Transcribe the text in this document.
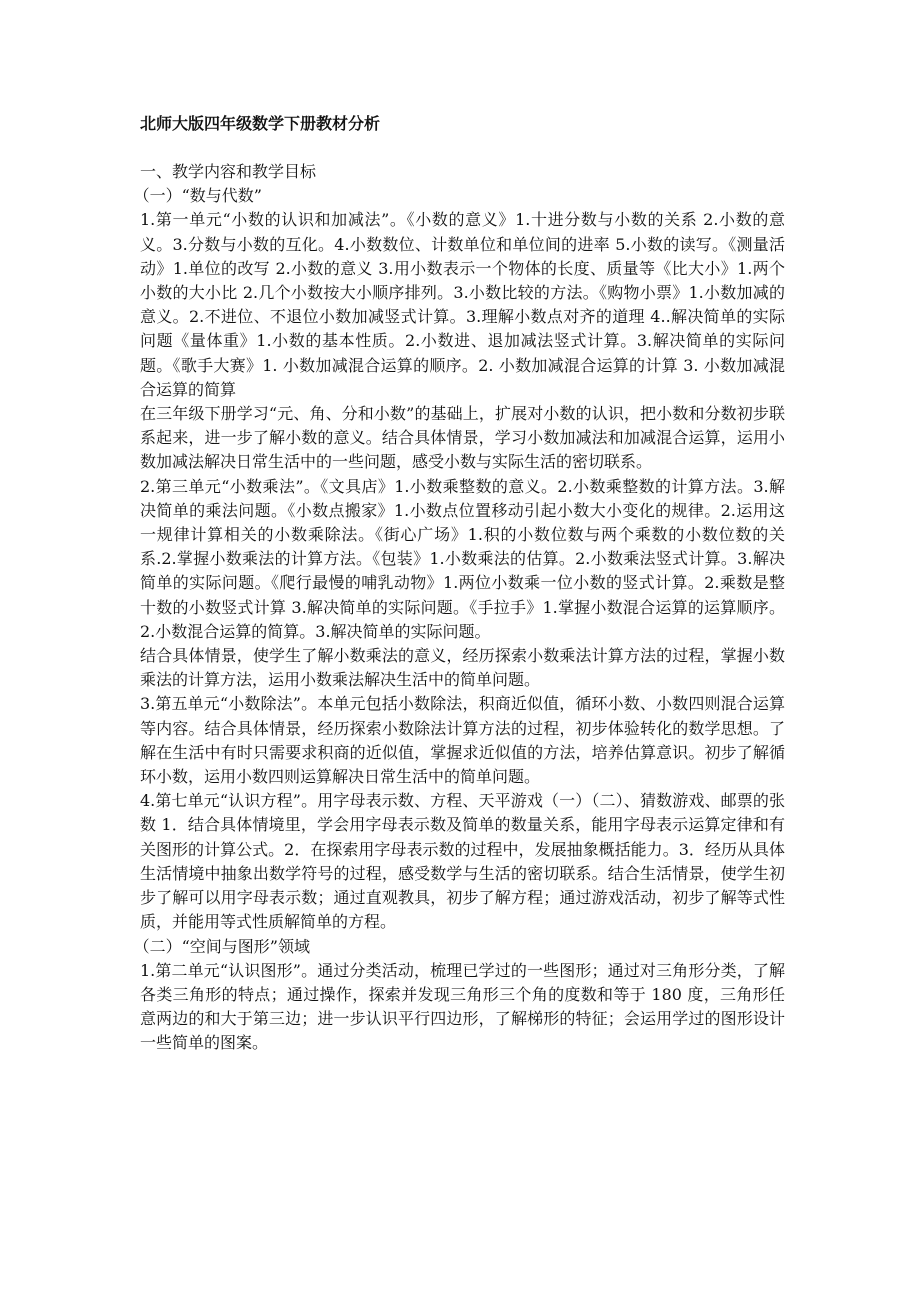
北师大版四年级数学下册教材分析
一、教学内容和教学目标
（一）“数与代数”
1.第一单元“小数的认识和加减法”。《小数的意义》1.十进分数与小数的关系 2.小数的意义。3.分数与小数的互化。4.小数数位、计数单位和单位间的进率 5.小数的读写。《测量活动》1.单位的改写 2.小数的意义 3.用小数表示一个物体的长度、质量等《比大小》1.两个小数的大小比 2.几个小数按大小顺序排列。3.小数比较的方法。《购物小票》1.小数加减的意义。2.不进位、不退位小数加减竖式计算。3.理解小数点对齐的道理 4..解决简单的实际问题《量体重》1.小数的基本性质。2.小数进、退加减法竖式计算。3.解决简单的实际问题。《歌手大赛》1. 小数加减混合运算的顺序。2. 小数加减混合运算的计算 3. 小数加减混合运算的简算
在三年级下册学习“元、角、分和小数”的基础上，扩展对小数的认识，把小数和分数初步联系起来，进一步了解小数的意义。结合具体情景，学习小数加减法和加减混合运算，运用小数加减法解决日常生活中的一些问题，感受小数与实际生活的密切联系。
2.第三单元“小数乘法”。《文具店》1.小数乘整数的意义。2.小数乘整数的计算方法。3.解决简单的乘法问题。《小数点搬家》1.小数点位置移动引起小数大小变化的规律。2.运用这一规律计算相关的小数乘除法。《街心广场》1.积的小数位数与两个乘数的小数位数的关系.2.掌握小数乘法的计算方法。《包装》1.小数乘法的估算。2.小数乘法竖式计算。3.解决简单的实际问题。《爬行最慢的哺乳动物》1.两位小数乘一位小数的竖式计算。2.乘数是整十数的小数竖式计算 3.解决简单的实际问题。《手拉手》1.掌握小数混合运算的运算顺序。2.小数混合运算的简算。3.解决简单的实际问题。
结合具体情景，使学生了解小数乘法的意义，经历探索小数乘法计算方法的过程，掌握小数乘法的计算方法，运用小数乘法解决生活中的简单问题。
3.第五单元“小数除法”。本单元包括小数除法，积商近似值，循环小数、小数四则混合运算等内容。结合具体情景，经历探索小数除法计算方法的过程，初步体验转化的数学思想。了解在生活中有时只需要求积商的近似值，掌握求近似值的方法，培养估算意识。初步了解循环小数，运用小数四则运算解决日常生活中的简单问题。
4.第七单元“认识方程”。用字母表示数、方程、天平游戏（一）（二）、猜数游戏、邮票的张数 1．结合具体情境里，学会用字母表示数及简单的数量关系，能用字母表示运算定律和有关图形的计算公式。2．在探索用字母表示数的过程中，发展抽象概括能力。3．经历从具体生活情境中抽象出数学符号的过程，感受数学与生活的密切联系。结合生活情景，使学生初步了解可以用字母表示数；通过直观教具，初步了解方程；通过游戏活动，初步了解等式性质，并能用等式性质解简单的方程。
（二）“空间与图形”领域
1.第二单元“认识图形”。通过分类活动，梳理已学过的一些图形；通过对三角形分类，了解各类三角形的特点；通过操作，探索并发现三角形三个角的度数和等于 180 度，三角形任意两边的和大于第三边；进一步认识平行四边形，了解梯形的特征；会运用学过的图形设计一些简单的图案。
